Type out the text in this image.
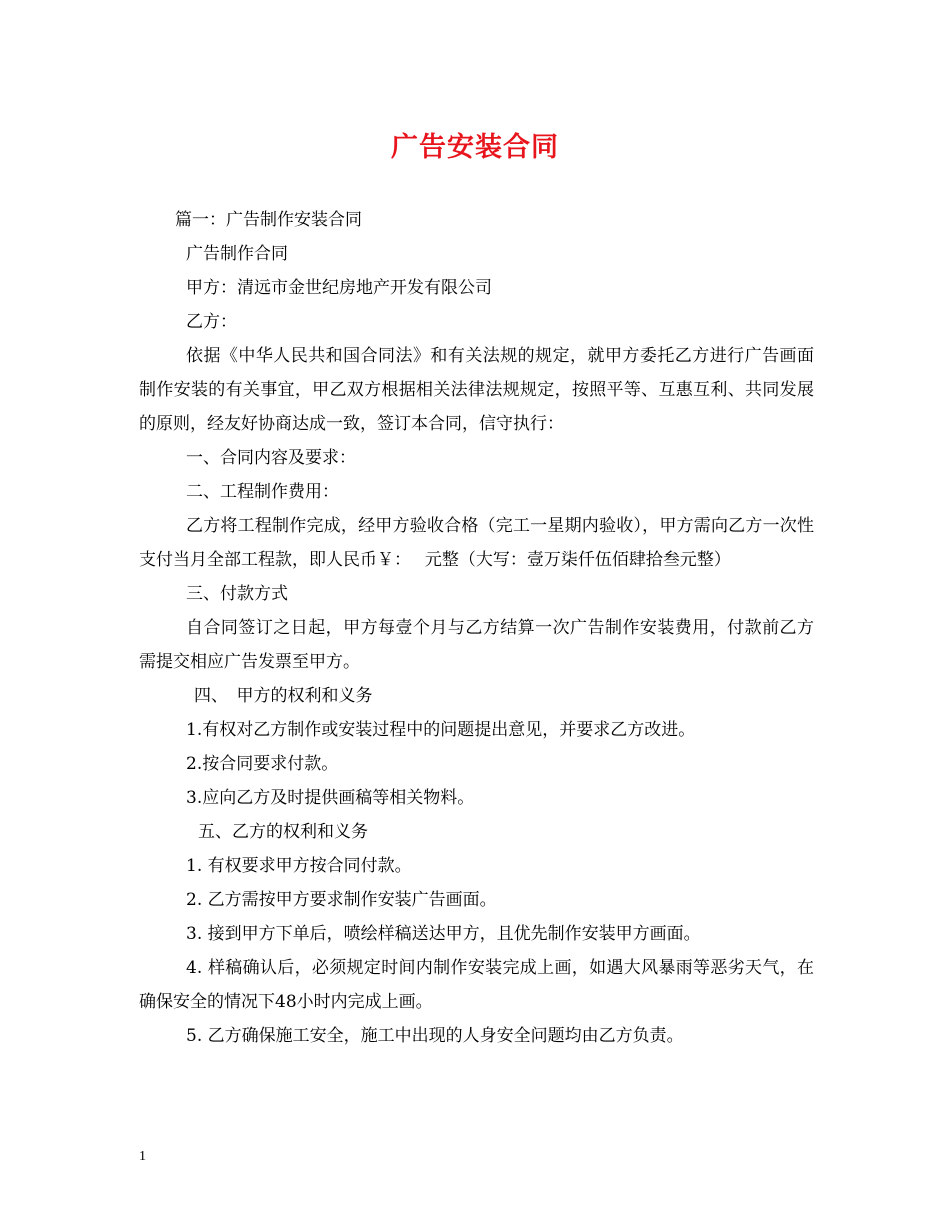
广告安装合同

篇一：广告制作安装合同

广告制作合同

甲方：清远市金世纪房地产开发有限公司

乙方：

依据《中华人民共和国合同法》和有关法规的规定，就甲方委托乙方进行广告画面制作安装的有关事宜，甲乙双方根据相关法律法规规定，按照平等、互惠互利、共同发展的原则，经友好协商达成一致，签订本合同，信守执行：

一、合同内容及要求：

二、工程制作费用：

乙方将工程制作完成，经甲方验收合格（完工一星期内验收），甲方需向乙方一次性支付当月全部工程款，即人民币￥：　 元整（大写：壹万柒仟伍佰肆拾叁元整）

三、付款方式

自合同签订之日起，甲方每壹个月与乙方结算一次广告制作安装费用，付款前乙方需提交相应广告发票至甲方。

四、　甲方的权利和义务

1.有权对乙方制作或安装过程中的问题提出意见，并要求乙方改进。

2.按合同要求付款。

3.应向乙方及时提供画稿等相关物料。

五、乙方的权利和义务

1. 有权要求甲方按合同付款。

2. 乙方需按甲方要求制作安装广告画面。

3. 接到甲方下单后，喷绘样稿送达甲方，且优先制作安装甲方画面。

4. 样稿确认后，必须规定时间内制作安装完成上画，如遇大风暴雨等恶劣天气，在确保安全的情况下48小时内完成上画。

5. 乙方确保施工安全，施工中出现的人身安全问题均由乙方负责。

1
